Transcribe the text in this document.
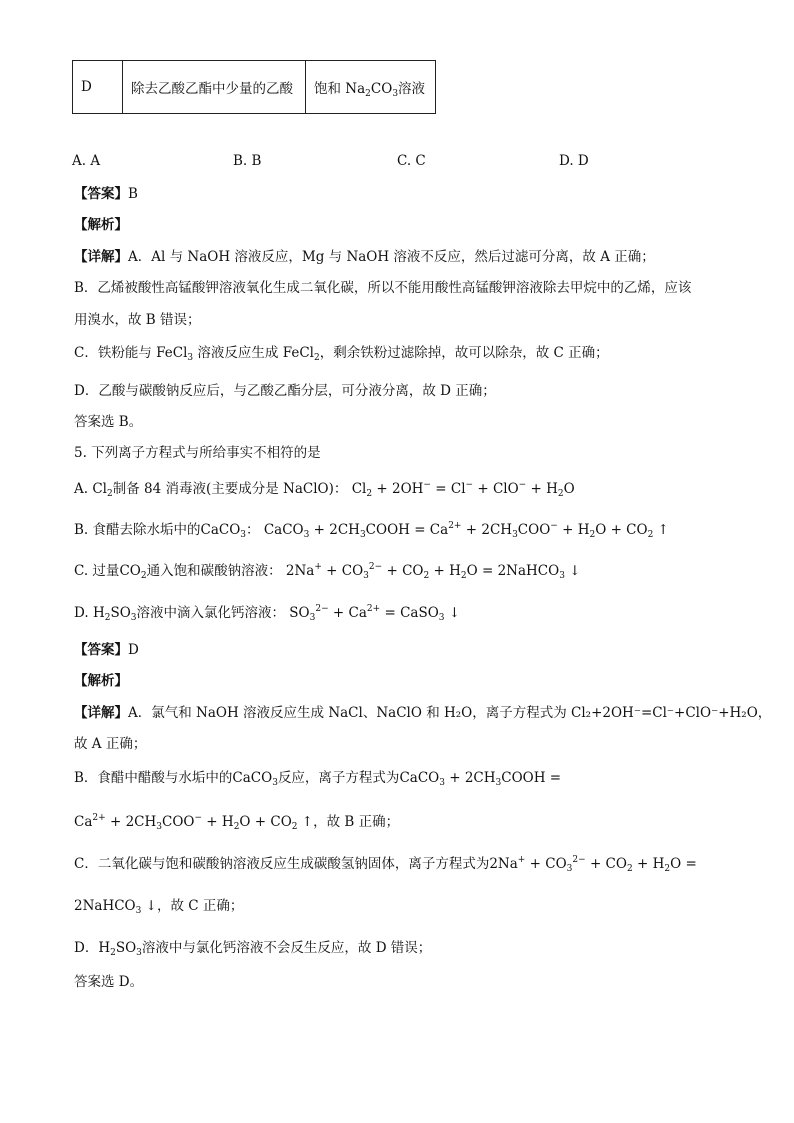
D	除去乙酸乙酯中少量的乙酸	饱和 $Na_2CO_3$溶液
A. A	B. B	C. C	D. D
【答案】B
【解析】
【详解】A．Al 与 NaOH 溶液反应，Mg 与 NaOH 溶液不反应，然后过滤可分离，故 A 正确；
B．乙烯被酸性高锰酸钾溶液氧化生成二氧化碳，所以不能用酸性高锰酸钾溶液除去甲烷中的乙烯，应该
用溴水，故 B 错误；
C．铁粉能与 FeCl$_3$ 溶液反应生成 FeCl$_2$，剩余铁粉过滤除掉，故可以除杂，故 C 正确；
D．乙酸与碳酸钠反应后，与乙酸乙酯分层，可分液分离，故 D 正确；
答案选 B。
5. 下列离子方程式与所给事实不相符的是
A. $Cl_2$制备 84 消毒液(主要成分是 NaClO)： $Cl_2 + 2OH^- = Cl^- + ClO^- + H_2O$
B. 食醋去除水垢中的CaCO$_3$： CaCO$_3$ + $2CH_3COOH = Ca^{2+} + 2CH_3COO^- + H_2O + CO_2$ ↑
C. 过量$CO_2$通入饱和碳酸钠溶液： $2Na^+ + CO_3^{2-} + CO_2 + H_2O$ = 2NaHCO$_3$ ↓
D. $H_2SO_3$溶液中滴入氯化钙溶液： $SO_3^{2-} + Ca^{2+}$ = CaSO$_3$ ↓
【答案】D
【解析】
【详解】A．氯气和 NaOH 溶液反应生成 NaCl、NaClO 和 H₂O，离子方程式为 Cl₂+2OH⁻=Cl⁻+ClO⁻+H₂O，
故 A 正确；
B．食醋中醋酸与水垢中的CaCO$_3$反应，离子方程式为CaCO$_3$ + $2CH_3COOH$ =
$Ca^{2+} + 2CH_3COO^- + H_2O + CO_2$ ↑，故 B 正确；
C．二氧化碳与饱和碳酸钠溶液反应生成碳酸氢钠固体，离子方程式为$2Na^+ + CO_3^{2-} + CO_2 + H_2O$ =
2NaHCO$_3$ ↓，故 C 正确；
D．$H_2SO_3$溶液中与氯化钙溶液不会反生反应，故 D 错误；
答案选 D。
